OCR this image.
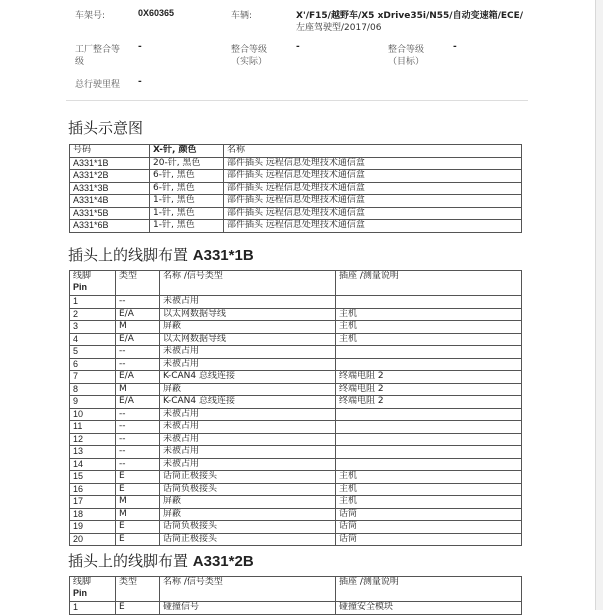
车架号:	0X60365	车辆:	X'/F15/越野车/X5 xDrive35i/N55/自动变速箱/ECE/
左座驾驶型/2017/06
工厂整合等
级
-	整合等级
（实际）
-	整合等级
（目标）
-
总行驶里程 -
插头示意图
号码	X-针, 颜色	名称
A331*1B	20-针, 黑色	部件插头 远程信息处理技术通信盒
A331*2B	6-针, 黑色	部件插头 远程信息处理技术通信盒
A331*3B	6-针, 黑色	部件插头 远程信息处理技术通信盒
A331*4B	1-针, 黑色	部件插头 远程信息处理技术通信盒
A331*5B	1-针, 黑色	部件插头 远程信息处理技术通信盒
A331*6B	1-针, 黑色	部件插头 远程信息处理技术通信盒
插头上的线脚布置 A331*1B
线脚
Pin	类型	名称 /信号类型	插座 /测量说明
1	--	未被占用	
2	E/A	以太网数据导线	主机
3	M	屏蔽	主机
4	E/A	以太网数据导线	主机
5	--	未被占用	
6	--	未被占用	
7	E/A	K-CAN4 总线连接	终端电阻 2
8	M	屏蔽	终端电阻 2
9	E/A	K-CAN4 总线连接	终端电阻 2
10	--	未被占用	
11	--	未被占用	
12	--	未被占用	
13	--	未被占用	
14	--	未被占用	
15	E	话筒正极接头	主机
16	E	话筒负极接头	主机
17	M	屏蔽	主机
18	M	屏蔽	话筒
19	E	话筒负极接头	话筒
20	E	话筒正极接头	话筒
插头上的线脚布置 A331*2B
线脚
Pin	类型	名称 /信号类型	插座 /测量说明
1	E	碰撞信号	碰撞安全模块
